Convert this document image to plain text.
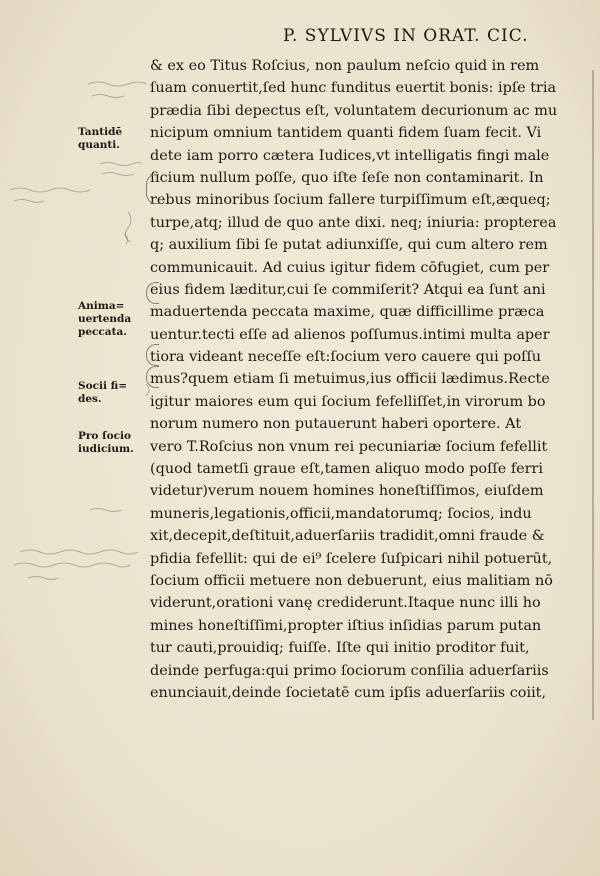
P. SYLVIVS IN ORAT. CIC.
& ex eo Titus Roſcius, non paulum neſcio quid in rem
ſuam conuertit,ſed hunc funditus euertit bonis: ipſe tria
prædia ſibi depectus eſt, voluntatem decurionum ac mu
nicipum omnium tantidem quanti fidem ſuam fecit. Vi
dete iam porro cætera Iudices,vt intelligatis fingi male
ficium nullum poſſe, quo iſte ſeſe non contaminarit. In
rebus minoribus ſocium fallere turpiſſimum eſt,æqueq;
turpe,atq; illud de quo ante dixi. neq; iniuria: propterea
q; auxilium ſibi ſe putat adiunxiſſe, qui cum altero rem
communicauit. Ad cuius igitur fidem cōfugiet, cum per
eius fidem læditur,cui ſe commiſerit? Atqui ea ſunt ani
maduertenda peccata maxime, quæ difficillime præca
uentur.tecti eſſe ad alienos poſſumus.intimi multa aper
tiora videant neceſſe eſt:ſocium vero cauere qui poſſu
mus?quem etiam ſi metuimus,ius officii lædimus.Recte
igitur maiores eum qui ſocium fefelliſſet,in virorum bo
norum numero non putauerunt haberi oportere. At
vero T.Roſcius non vnum rei pecuniariæ ſocium fefellit
(quod tametſi graue eſt,tamen aliquo modo poſſe ferri
videtur)verum nouem homines honeſtiſſimos, eiuſdem
muneris,legationis,officii,mandatorumq; ſocios, indu
xit,decepit,deſtituit,aduerſariis tradidit,omni fraude &
pfidia fefellit: qui de ei⁹ ſcelere ſuſpicari nihil potuerūt,
ſocium officii metuere non debuerunt, eius malitiam nō
viderunt,orationi vanę crediderunt.Itaque nunc illi ho
mines honeſtiſſimi,propter iſtius inſidias parum putan
tur cauti,prouidiq; fuiſſe. Iſte qui initio proditor fuit,
deinde perfuga:qui primo ſociorum conſilia aduerſariis
enunciauit,deinde ſocietatē cum ipſis aduerſariis coiit,
Tantidē quanti.
Anima= uertenda peccata.
Socii fi= des.
Pro ſocio iudicium.
